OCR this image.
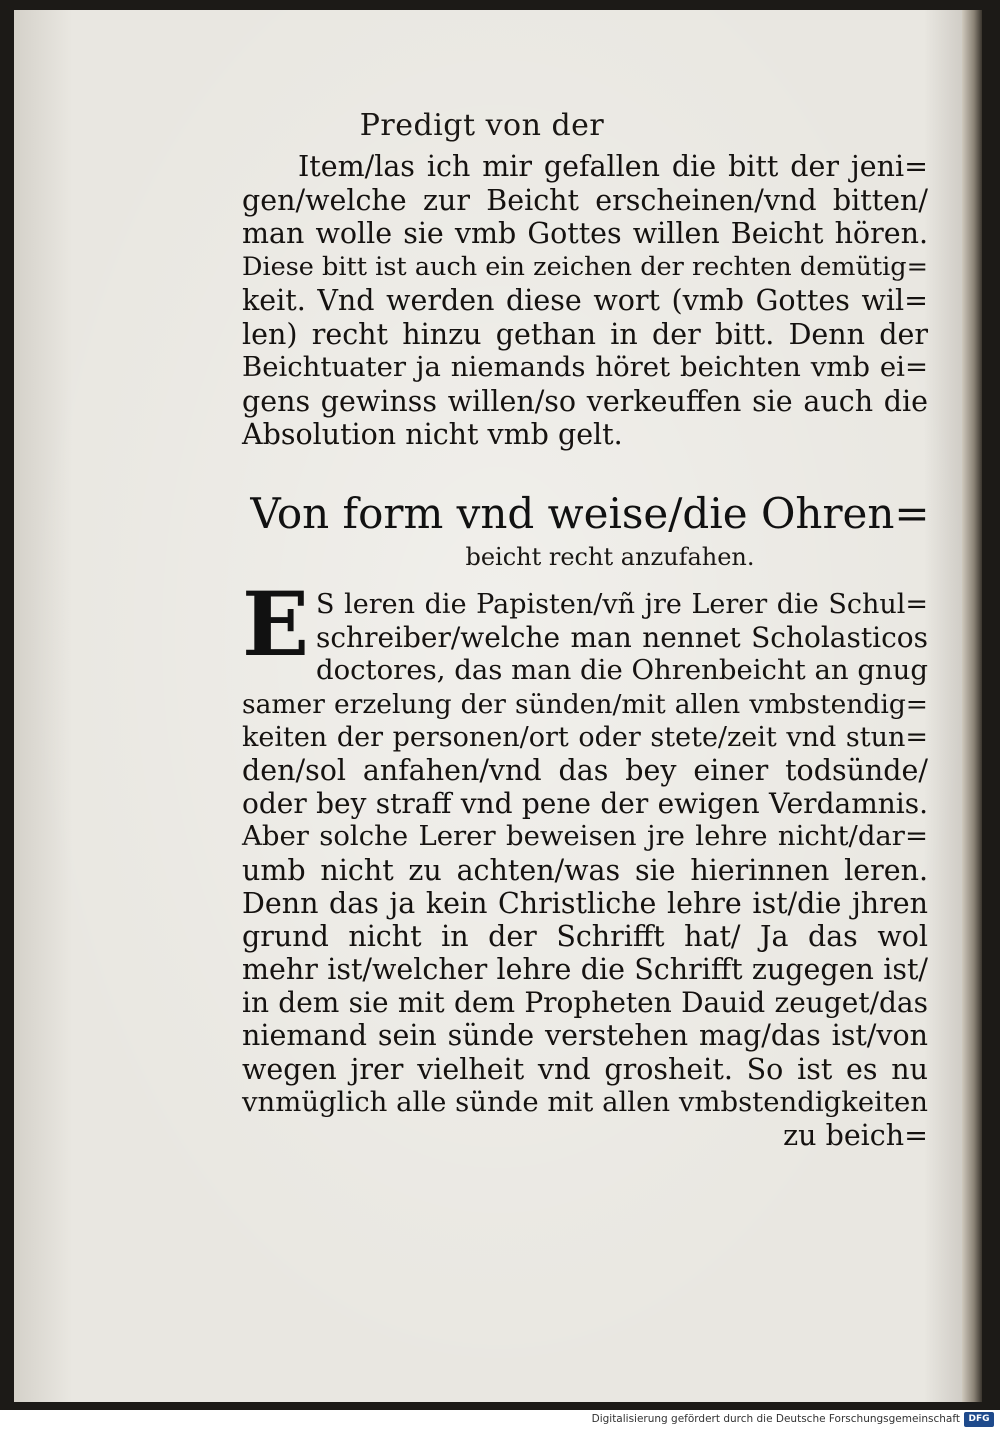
Predigt von der
Item/las ich mir gefallen die bitt der jeni=
gen/welche zur Beicht erscheinen/vnd bitten/
man wolle sie vmb Gottes willen Beicht hören.
Diese bitt ist auch ein zeichen der rechten demütig=
keit. Vnd werden diese wort (vmb Gottes wil=
len) recht hinzu gethan in der bitt. Denn der
Beichtuater ja niemands höret beichten vmb ei=
gens gewinss willen/so verkeuffen sie auch die
Absolution nicht vmb gelt.
Von form vnd weise/die Ohren=
beicht recht anzufahen.
E S leren die Papisten/vñ jre Lerer die Schul=
schreiber/welche man nennet Scholasticos
doctores, das man die Ohrenbeicht an gnug
samer erzelung der sünden/mit allen vmbstendig=
keiten der personen/ort oder stete/zeit vnd stun=
den/sol anfahen/vnd das bey einer todsünde/
oder bey straff vnd pene der ewigen Verdamnis.
Aber solche Lerer beweisen jre lehre nicht/dar=
umb nicht zu achten/was sie hierinnen leren.
Denn das ja kein Christliche lehre ist/die jhren
grund nicht in der Schrifft hat/ Ja das wol
mehr ist/welcher lehre die Schrifft zugegen ist/
in dem sie mit dem Propheten Dauid zeuget/das
niemand sein sünde verstehen mag/das ist/von
wegen jrer vielheit vnd grosheit. So ist es nu
vnmüglich alle sünde mit allen vmbstendigkeiten
zu beich=
Digitalisierung gefördert durch die Deutsche Forschungsgemeinschaft DFG
